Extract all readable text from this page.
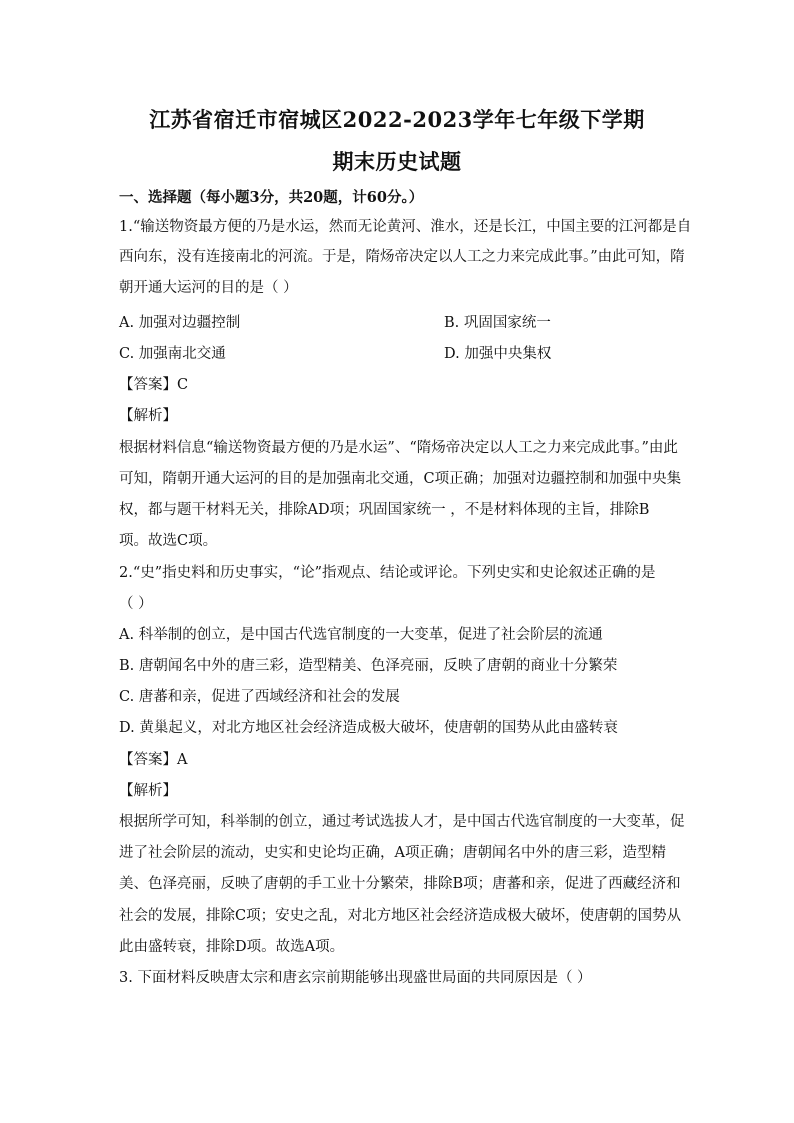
江苏省宿迁市宿城区2022-2023学年七年级下学期
期末历史试题
一、选择题（每小题3分，共20题，计60分。）
1.“输送物资最方便的乃是水运，然而无论黄河、淮水，还是长江，中国主要的江河都是自
西向东，没有连接南北的河流。于是，隋炀帝决定以人工之力来完成此事。”由此可知，隋
朝开通大运河的目的是（ ）
A. 加强对边疆控制	B. 巩固国家统一
C. 加强南北交通	D. 加强中央集权
【答案】C
【解析】
根据材料信息“输送物资最方便的乃是水运”、“隋炀帝决定以人工之力来完成此事。”由此
可知，隋朝开通大运河的目的是加强南北交通，C项正确；加强对边疆控制和加强中央集
权，都与题干材料无关，排除AD项；巩固国家统一 ，不是材料体现的主旨，排除B
项。故选C项。
2.“史”指史料和历史事实，“论”指观点、结论或评论。下列史实和史论叙述正确的是
（ ）
A. 科举制的创立，是中国古代选官制度的一大变革，促进了社会阶层的流通
B. 唐朝闻名中外的唐三彩，造型精美、色泽亮丽，反映了唐朝的商业十分繁荣
C. 唐蕃和亲，促进了西域经济和社会的发展
D. 黄巢起义，对北方地区社会经济造成极大破坏，使唐朝的国势从此由盛转衰
【答案】A
【解析】
根据所学可知，科举制的创立，通过考试选拔人才，是中国古代选官制度的一大变革，促
进了社会阶层的流动，史实和史论均正确，A项正确；唐朝闻名中外的唐三彩，造型精
美、色泽亮丽，反映了唐朝的手工业十分繁荣，排除B项；唐蕃和亲，促进了西藏经济和
社会的发展，排除C项；安史之乱，对北方地区社会经济造成极大破坏，使唐朝的国势从
此由盛转衰，排除D项。故选A项。
3. 下面材料反映唐太宗和唐玄宗前期能够出现盛世局面的共同原因是（ ）
